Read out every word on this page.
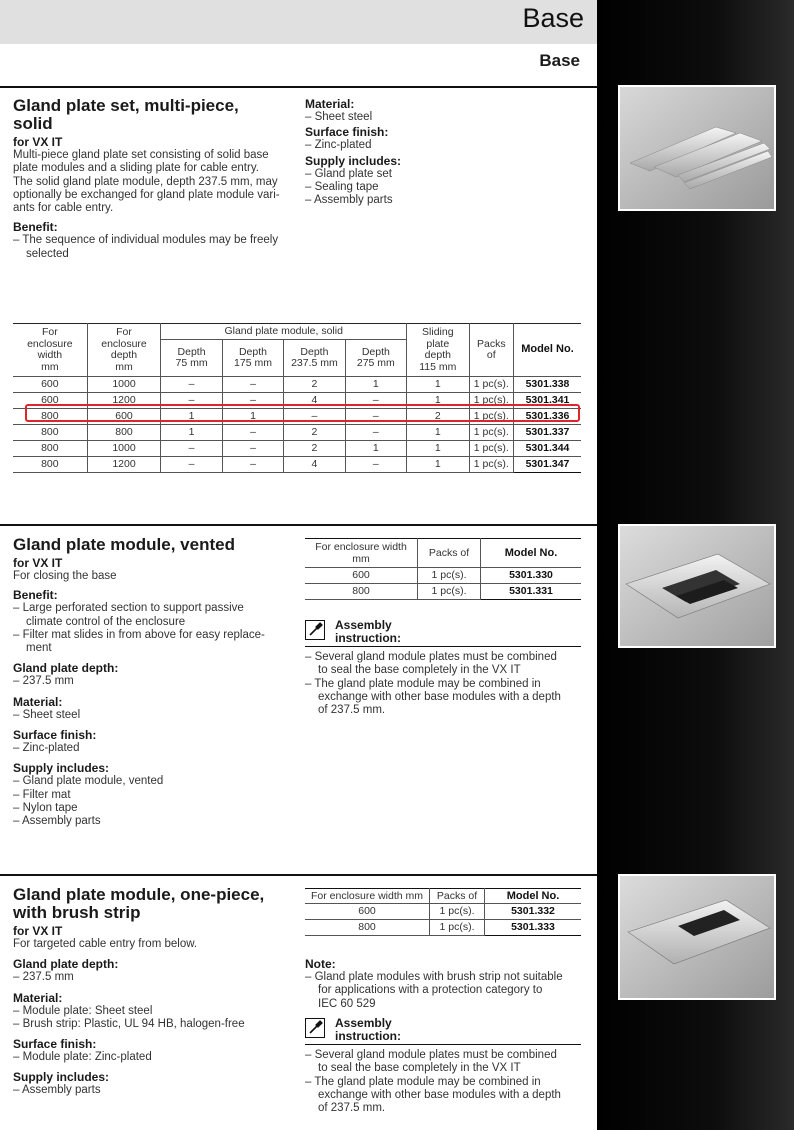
Base
Base
Gland plate set, multi-piece,
solid
for VX IT
Multi-piece gland plate set consisting of solid base
plate modules and a sliding plate for cable entry.
The solid gland plate module, depth 237.5 mm, may
optionally be exchanged for gland plate module vari-
ants for cable entry.
Benefit:
– The sequence of individual modules may be freely
selected
Material:
– Sheet steel
Surface finish:
– Zinc-plated
Supply includes:
– Gland plate set
– Sealing tape
– Assembly parts
For
enclosure
width
mm	For
enclosure
depth
mm	Gland plate module, solid				Sliding
plate
depth
115 mm	Packs of	Model No.
		Depth
75 mm	Depth
175 mm	Depth
237.5 mm	Depth
275 mm			
600	1000	–	–	2	1	1	1 pc(s).	5301.338
600	1200	–	–	4	–	1	1 pc(s).	5301.341
800	600	1	1	–	–	2	1 pc(s).	5301.336
800	800	1	–	2	–	1	1 pc(s).	5301.337
800	1000	–	–	2	1	1	1 pc(s).	5301.344
800	1200	–	–	4	–	1	1 pc(s).	5301.347
Gland plate module, vented
for VX IT
For closing the base
Benefit:
– Large perforated section to support passive
climate control of the enclosure
– Filter mat slides in from above for easy replace-
ment
Gland plate depth:
– 237.5 mm
Material:
– Sheet steel
Surface finish:
– Zinc-plated
Supply includes:
– Gland plate module, vented
– Filter mat
– Nylon tape
– Assembly parts
For enclosure width
mm	Packs of	Model No.
600	1 pc(s).	5301.330
800	1 pc(s).	5301.331
Assembly
instruction:
– Several gland module plates must be combined
to seal the base completely in the VX IT
– The gland plate module may be combined in
exchange with other base modules with a depth
of 237.5 mm.
Gland plate module, one-piece,
with brush strip
for VX IT
For targeted cable entry from below.
Gland plate depth:
– 237.5 mm
Material:
– Module plate: Sheet steel
– Brush strip: Plastic, UL 94 HB, halogen-free
Surface finish:
– Module plate: Zinc-plated
Supply includes:
– Assembly parts
For enclosure width mm	Packs of	Model No.
600	1 pc(s).	5301.332
800	1 pc(s).	5301.333
Note:
– Gland plate modules with brush strip not suitable
for applications with a protection category to
IEC 60 529
Assembly
instruction:
– Several gland module plates must be combined
to seal the base completely in the VX IT
– The gland plate module may be combined in
exchange with other base modules with a depth
of 237.5 mm.
